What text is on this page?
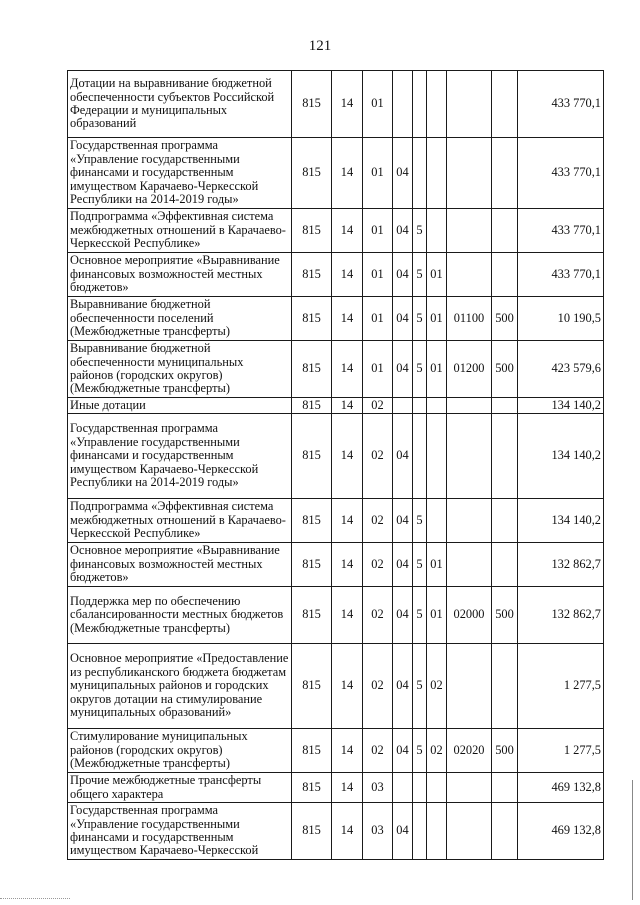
121
Дотации на выравнивание бюджетной обеспеченности субъектов Российской Федерации и муниципальных образований	815	14	01						433 770,1
Государственная программа «Управление государственными финансами и государственным имуществом Карачаево-Черкесской Республики на 2014-2019 годы»	815	14	01	04					433 770,1
Подпрограмма «Эффективная система межбюджетных отношений в Карачаево-Черкесской Республике»	815	14	01	04	5				433 770,1
Основное мероприятие «Выравнивание финансовых возможностей местных бюджетов»	815	14	01	04	5	01			433 770,1
Выравнивание бюджетной обеспеченности поселений (Межбюджетные трансферты)	815	14	01	04	5	01	01100	500	10 190,5
Выравнивание бюджетной обеспеченности муниципальных районов (городских округов) (Межбюджетные трансферты)	815	14	01	04	5	01	01200	500	423 579,6
Иные дотации	815	14	02						134 140,2
Государственная программа «Управление государственными финансами и государственным имуществом Карачаево-Черкесской Республики на 2014-2019 годы»	815	14	02	04					134 140,2
Подпрограмма «Эффективная система межбюджетных отношений в Карачаево-Черкесской Республике»	815	14	02	04	5				134 140,2
Основное мероприятие «Выравнивание финансовых возможностей местных бюджетов»	815	14	02	04	5	01			132 862,7
Поддержка мер по обеспечению сбалансированности местных бюджетов (Межбюджетные трансферты)	815	14	02	04	5	01	02000	500	132 862,7
Основное мероприятие «Предоставление из республиканского бюджета бюджетам муниципальных районов и городских округов дотации на стимулирование муниципальных образований»	815	14	02	04	5	02			1 277,5
Стимулирование муниципальных районов (городских округов) (Межбюджетные трансферты)	815	14	02	04	5	02	02020	500	1 277,5
Прочие межбюджетные трансферты общего характера	815	14	03						469 132,8
Государственная программа «Управление государственными финансами и государственным имуществом Карачаево-Черкесской	815	14	03	04					469 132,8
